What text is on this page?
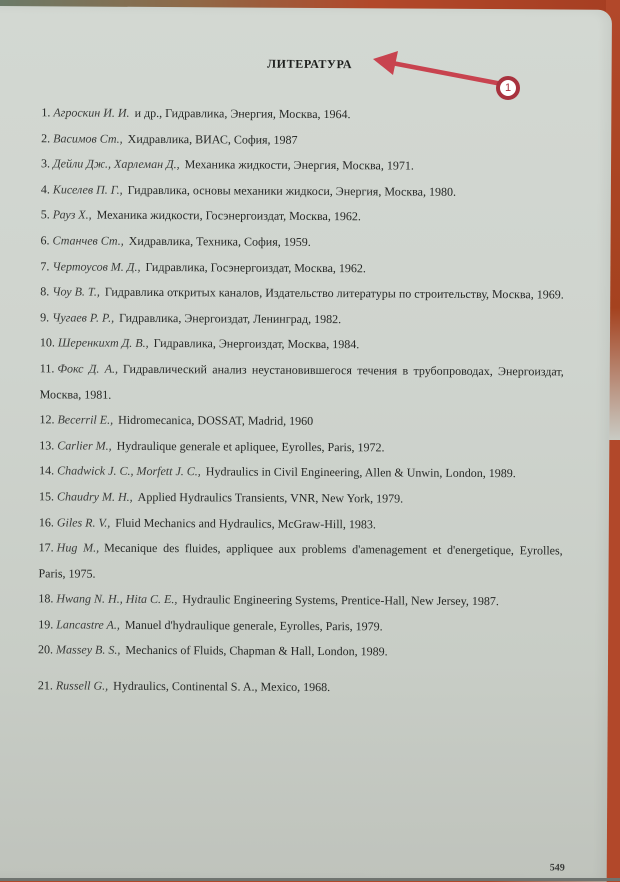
ЛИТЕРАТУРА
1. Агроскин И. И. и др., Гидравлика, Энергия, Москва, 1964.
2. Васимов Ст., Хидравлика, ВИАС, София, 1987
3. Дейли Дж., Харлеман Д., Механика жидкости, Энергия, Москва, 1971.
4. Киселев П. Г., Гидравлика, основы механики жидкоси, Энергия, Москва, 1980.
5. Рауз Х., Механика жидкости, Госэнергоиздат, Москва, 1962.
6. Станчев Ст., Хидравлика, Техника, София, 1959.
7. Чертоусов М. Д., Гидравлика, Госэнергоиздат, Москва, 1962.
8. Чоу В. Т., Гидравлика откритых каналов, Издательство литературы по строительству, Москва, 1969.
9. Чугаев Р. Р., Гидравлика, Энергоиздат, Ленинград, 1982.
10. Шеренкихт Д. В., Гидравлика, Энергоиздат, Москва, 1984.
11. Фокс Д. А., Гидравлический анализ неустановившегося течения в трубопроводах, Энергоиздат, Москва, 1981.
12. Becerril E., Hidromecanica, DOSSAT, Madrid, 1960
13. Carlier M., Hydraulique generale et apliquee, Eyrolles, Paris, 1972.
14. Chadwick J. C., Morfett J. C., Hydraulics in Civil Engineering, Allen & Unwin, London, 1989.
15. Chaudry M. H., Applied Hydraulics Transients, VNR, New York, 1979.
16. Giles R. V., Fluid Mechanics and Hydraulics, McGraw-Hill, 1983.
17. Hug M., Mecanique des fluides, appliquee aux problems d'amenagement et d'energetique, Eyrolles, Paris, 1975.
18. Hwang N. H., Hita C. E., Hydraulic Engineering Systems, Prentice-Hall, New Jersey, 1987.
19. Lancastre A., Manuel d'hydraulique generale, Eyrolles, Paris, 1979.
20. Massey B. S., Mechanics of Fluids, Chapman & Hall, London, 1989.
21. Russell G., Hydraulics, Continental S. A., Mexico, 1968.
549
1
